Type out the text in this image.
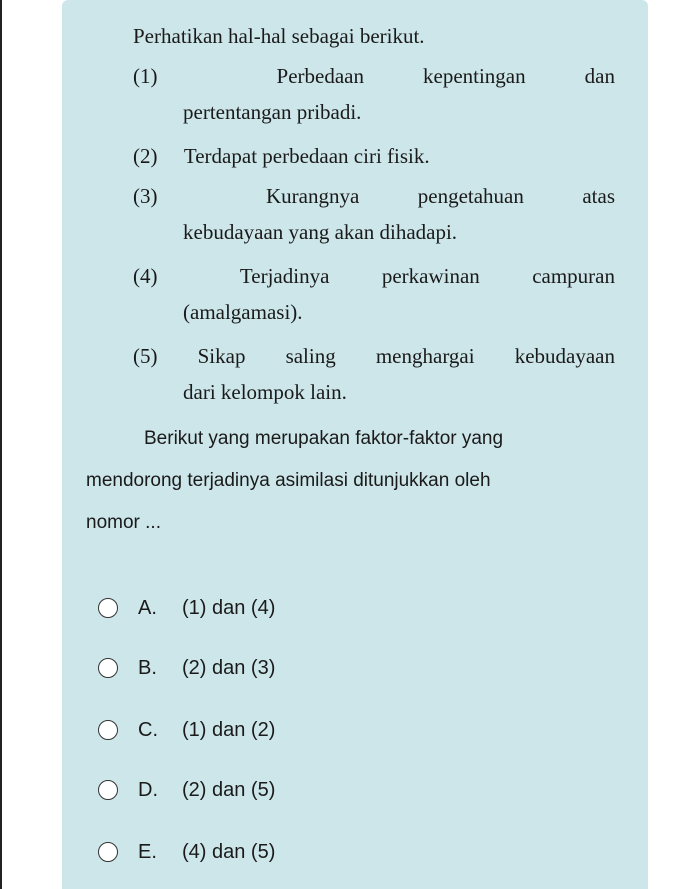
Perhatikan hal-hal sebagai berikut.
(1)	Perbedaan	kepentingan	dan
pertentangan pribadi.
(2) Terdapat perbedaan ciri fisik.
(3)	Kurangnya	pengetahuan	atas
kebudayaan yang akan dihadapi.
(4)	Terjadinya perkawinan campuran
(amalgamasi).
(5) Sikap saling menghargai kebudayaan
dari kelompok lain.
Berikut yang merupakan faktor-faktor yang
mendorong terjadinya asimilasi ditunjukkan oleh
nomor ...
A.	(1) dan (4)
B.	(2) dan (3)
C.	(1) dan (2)
D.	(2) dan (5)
E.	(4) dan (5)
